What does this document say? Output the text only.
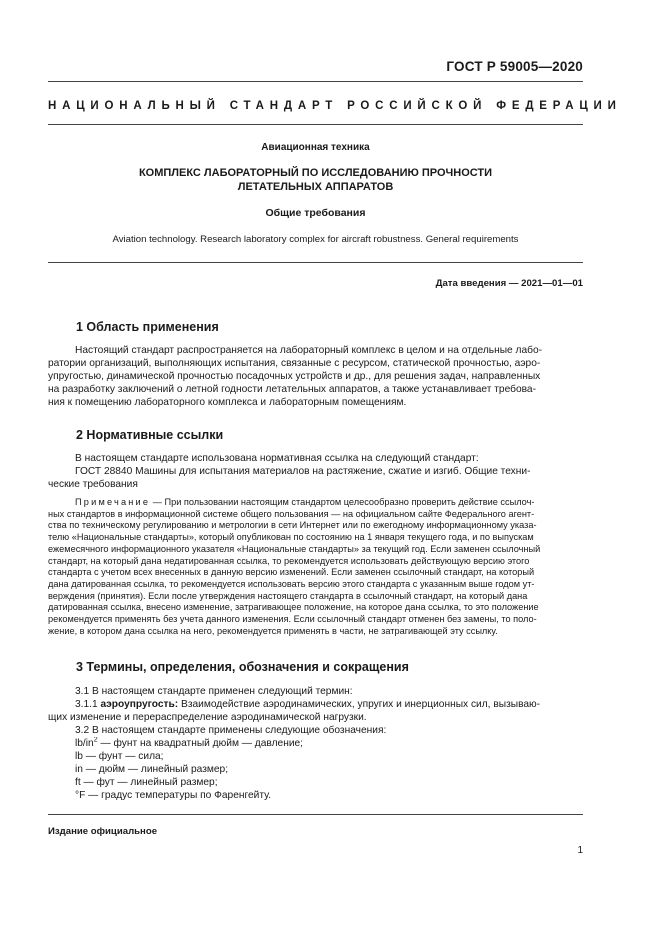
ГОСТ Р 59005—2020
НАЦИОНАЛЬНЫЙ СТАНДАРТ РОССИЙСКОЙ ФЕДЕРАЦИИ
Авиационная техника
КОМПЛЕКС ЛАБОРАТОРНЫЙ ПО ИССЛЕДОВАНИЮ ПРОЧНОСТИ
ЛЕТАТЕЛЬНЫХ АППАРАТОВ
Общие требования
Aviation technology. Research laboratory complex for aircraft robustness. General requirements
Дата введения — 2021—01—01
1 Область применения
Настоящий стандарт распространяется на лабораторный комплекс в целом и на отдельные лабо-
ратории организаций, выполняющих испытания, связанные с ресурсом, статической прочностью, аэро-
упругостью, динамической прочностью посадочных устройств и др., для решения задач, направленных
на разработку заключений о летной годности летательных аппаратов, а также устанавливает требова-
ния к помещению лабораторного комплекса и лабораторным помещениям.
2 Нормативные ссылки
В настоящем стандарте использована нормативная ссылка на следующий стандарт:
ГОСТ 28840 Машины для испытания материалов на растяжение, сжатие и изгиб. Общие техни-
ческие требования
Примечание — При пользовании настоящим стандартом целесообразно проверить действие ссылоч-
ных стандартов в информационной системе общего пользования — на официальном сайте Федерального агент-
ства по техническому регулированию и метрологии в сети Интернет или по ежегодному информационному указа-
телю «Национальные стандарты», который опубликован по состоянию на 1 января текущего года, и по выпускам
ежемесячного информационного указателя «Национальные стандарты» за текущий год. Если заменен ссылочный
стандарт, на который дана недатированная ссылка, то рекомендуется использовать действующую версию этого
стандарта с учетом всех внесенных в данную версию изменений. Если заменен ссылочный стандарт, на который
дана датированная ссылка, то рекомендуется использовать версию этого стандарта с указанным выше годом ут-
верждения (принятия). Если после утверждения настоящего стандарта в ссылочный стандарт, на который дана
датированная ссылка, внесено изменение, затрагивающее положение, на которое дана ссылка, то это положение
рекомендуется применять без учета данного изменения. Если ссылочный стандарт отменен без замены, то поло-
жение, в котором дана ссылка на него, рекомендуется применять в части, не затрагивающей эту ссылку.
3 Термины, определения, обозначения и сокращения
3.1 В настоящем стандарте применен следующий термин:
3.1.1 аэроупругость: Взаимодействие аэродинамических, упругих и инерционных сил, вызываю-
щих изменение и перераспределение аэродинамической нагрузки.
3.2 В настоящем стандарте применены следующие обозначения:
$lb/in^2$ — фунт на квадратный дюйм — давление;
lb — фунт — сила;
in — дюйм — линейный размер;
ft — фут — линейный размер;
°F — градус температуры по Фаренгейту.
Издание официальное
1
